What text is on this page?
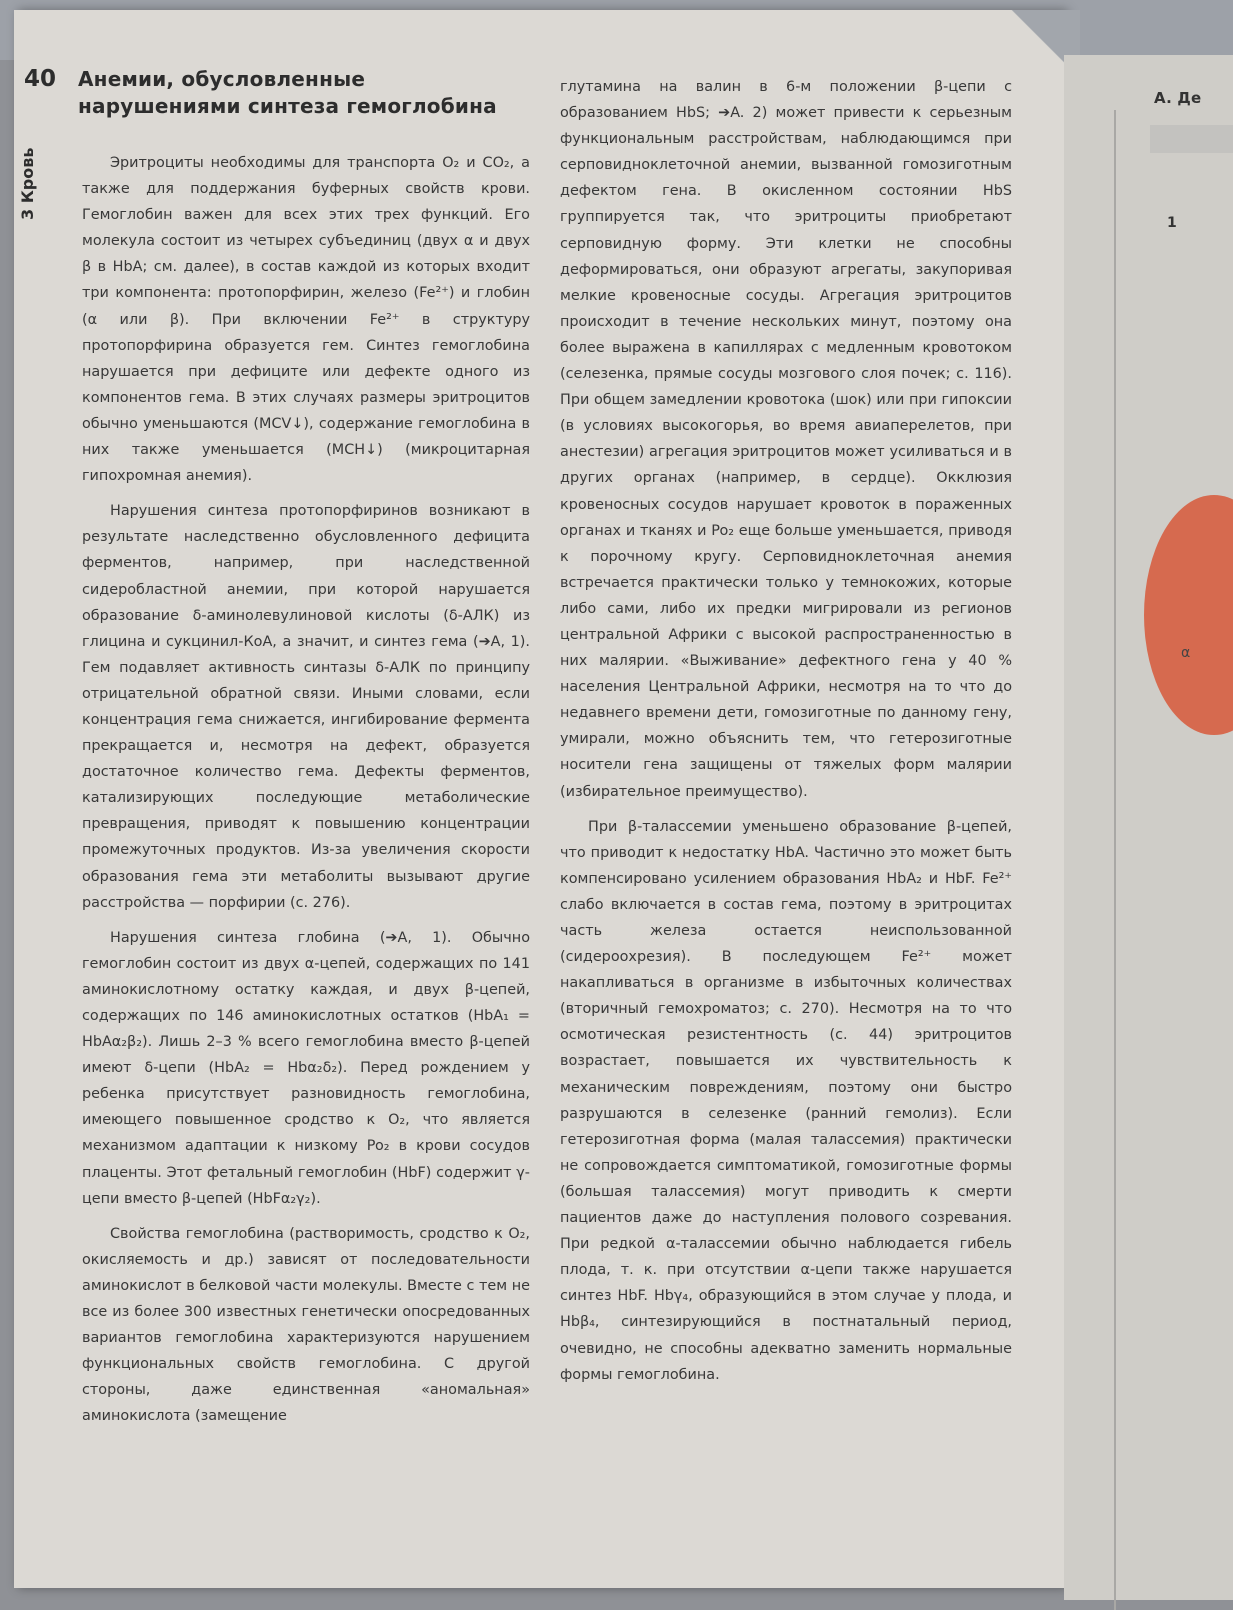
A. Де
1
α
40 Анемии, обусловленные
нарушениями синтеза гемоглобина
3 Кровь	Эритроциты необходимы для транспорта O₂ и CO₂, а также для поддержания буферных свойств крови. Гемоглобин важен для всех этих трех функций. Его молекула состоит из четырех субъединиц (двух α и двух β в HbA; см. далее), в состав каждой из которых входит три компонента: протопорфирин, железо (Fe²⁺) и глобин (α или β). При включении Fe²⁺ в структуру протопорфирина образуется гем. Синтез гемоглобина нарушается при дефиците или дефекте одного из компонентов гема. В этих случаях размеры эритроцитов обычно уменьшаются (MCV↓), содержание гемоглобина в них также уменьшается (MCH↓) (микроцитарная гипохромная анемия).

Нарушения синтеза протопорфиринов возникают в результате наследственно обусловленного дефицита ферментов, например, при наследственной сидеробластной анемии, при которой нарушается образование δ-аминолевулиновой кислоты (δ-АЛК) из глицина и сукцинил-КоА, а значит, и синтез гема (➔A, 1). Гем подавляет активность синтазы δ-АЛК по принципу отрицательной обратной связи. Иными словами, если концентрация гема снижается, ингибирование фермента прекращается и, несмотря на дефект, образуется достаточное количество гема. Дефекты ферментов, катализирующих последующие метаболические превращения, приводят к повышению концентрации промежуточных продуктов. Из-за увеличения скорости образования гема эти метаболиты вызывают другие расстройства — порфирии (с. 276).

Нарушения синтеза глобина (➔A, 1). Обычно гемоглобин состоит из двух α-цепей, содержащих по 141 аминокислотному остатку каждая, и двух β-цепей, содержащих по 146 аминокислотных остатков (HbA₁ = HbAα₂β₂). Лишь 2–3 % всего гемоглобина вместо β-цепей имеют δ-цепи (HbA₂ = Hbα₂δ₂). Перед рождением у ребенка присутствует разновидность гемоглобина, имеющего повышенное сродство к O₂, что является механизмом адаптации к низкому Po₂ в крови сосудов плаценты. Этот фетальный гемоглобин (HbF) содержит γ-цепи вместо β-цепей (HbFα₂γ₂).

Свойства гемоглобина (растворимость, сродство к O₂, окисляемость и др.) зависят от последовательности аминокислот в белковой части молекулы. Вместе с тем не все из более 300 известных генетически опосредованных вариантов гемоглобина характеризуются нарушением функциональных свойств гемоглобина. С другой стороны, даже единственная «аномальная» аминокислота (замещение

глутамина на валин в 6-м положении β-цепи с образованием HbS; ➔A. 2) может привести к серьезным функциональным расстройствам, наблюдающимся при серповидноклеточной анемии, вызванной гомозиготным дефектом гена. В окисленном состоянии HbS группируется так, что эритроциты приобретают серповидную форму. Эти клетки не способны деформироваться, они образуют агрегаты, закупоривая мелкие кровеносные сосуды. Агрегация эритроцитов происходит в течение нескольких минут, поэтому она более выражена в капиллярах с медленным кровотоком (селезенка, прямые сосуды мозгового слоя почек; с. 116). При общем замедлении кровотока (шок) или при гипоксии (в условиях высокогорья, во время авиаперелетов, при анестезии) агрегация эритроцитов может усиливаться и в других органах (например, в сердце). Окклюзия кровеносных сосудов нарушает кровоток в пораженных органах и тканях и Po₂ еще больше уменьшается, приводя к порочному кругу. Серповидноклеточная анемия встречается практически только у темнокожих, которые либо сами, либо их предки мигрировали из регионов центральной Африки с высокой распространенностью в них малярии. «Выживание» дефектного гена у 40 % населения Центральной Африки, несмотря на то что до недавнего времени дети, гомозиготные по данному гену, умирали, можно объяснить тем, что гетерозиготные носители гена защищены от тяжелых форм малярии (избирательное преимущество).

При β-талассемии уменьшено образование β-цепей, что приводит к недостатку HbA. Частично это может быть компенсировано усилением образования HbA₂ и HbF. Fe²⁺ слабо включается в состав гема, поэтому в эритроцитах часть железа остается неиспользованной (сидероохрезия). В последующем Fe²⁺ может накапливаться в организме в избыточных количествах (вторичный гемохроматоз; с. 270). Несмотря на то что осмотическая резистентность (с. 44) эритроцитов возрастает, повышается их чувствительность к механическим повреждениям, поэтому они быстро разрушаются в селезенке (ранний гемолиз). Если гетерозиготная форма (малая талассемия) практически не сопровождается симптоматикой, гомозиготные формы (большая талассемия) могут приводить к смерти пациентов даже до наступления полового созревания. При редкой α-талассемии обычно наблюдается гибель плода, т. к. при отсутствии α-цепи также нарушается синтез HbF. Hbγ₄, образующийся в этом случае у плода, и Hbβ₄, синтезирующийся в постнатальный период, очевидно, не способны адекватно заменить нормальные формы гемоглобина.
